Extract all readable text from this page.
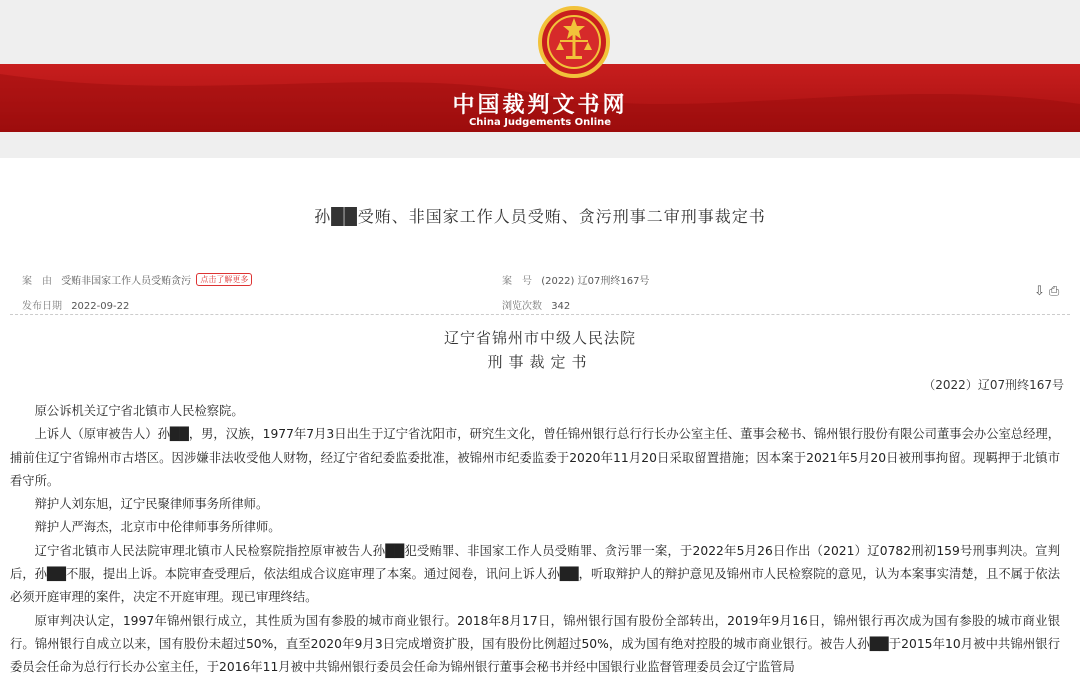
中国裁判文书网
China Judgements Online
孙██受贿、非国家工作人员受贿、贪污刑事二审刑事裁定书
案　由 受贿非国家工作人员受贿贪污 点击了解更多	案　号 (2022) 辽07刑终167号
发布日期 2022-09-22	浏览次数 342
⇩ ⎙
辽宁省锦州市中级人民法院
刑事裁定书
（2022）辽07刑终167号

原公诉机关辽宁省北镇市人民检察院。

上诉人（原审被告人）孙██，男，汉族，1977年7月3日出生于辽宁省沈阳市，研究生文化，曾任锦州银行总行行长办公室主任、董事会秘书、锦州银行股份有限公司董事会办公室总经理，捕前住辽宁省锦州市古塔区。因涉嫌非法收受他人财物，经辽宁省纪委监委批准，被锦州市纪委监委于2020年11月20日采取留置措施；因本案于2021年5月20日被刑事拘留。现羁押于北镇市看守所。

辩护人刘东旭，辽宁民聚律师事务所律师。

辩护人严海杰，北京市中伦律师事务所律师。

辽宁省北镇市人民法院审理北镇市人民检察院指控原审被告人孙██犯受贿罪、非国家工作人员受贿罪、贪污罪一案，于2022年5月26日作出（2021）辽0782刑初159号刑事判决。宣判后，孙██不服，提出上诉。本院审查受理后，依法组成合议庭审理了本案。通过阅卷，讯问上诉人孙██，听取辩护人的辩护意见及锦州市人民检察院的意见，认为本案事实清楚，且不属于依法必须开庭审理的案件，决定不开庭审理。现已审理终结。

原审判决认定，1997年锦州银行成立，其性质为国有参股的城市商业银行。2018年8月17日，锦州银行国有股份全部转出，2019年9月16日，锦州银行再次成为国有参股的城市商业银行。锦州银行自成立以来，国有股份未超过50%，直至2020年9月3日完成增资扩股，国有股份比例超过50%，成为国有绝对控股的城市商业银行。被告人孙██于2015年10月被中共锦州银行委员会任命为总行行长办公室主任，于2016年11月被中共锦州银行委员会任命为锦州银行董事会秘书并经中国银行业监督管理委员会辽宁监管局
